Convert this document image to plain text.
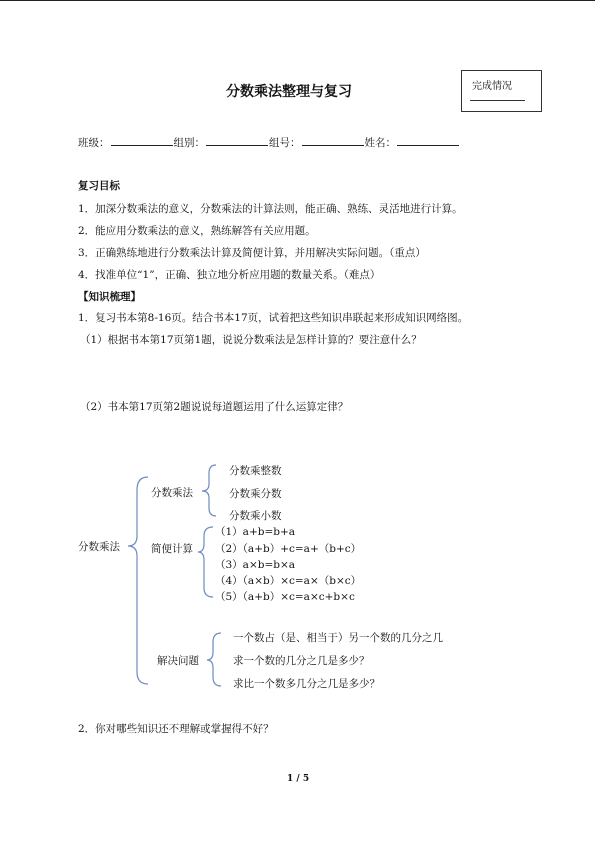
分数乘法整理与复习	完成情况
班级：	组别：	组号：	姓名：
复习目标
1．加深分数乘法的意义，分数乘法的计算法则，能正确、熟练、灵活地进行计算。
2．能应用分数乘法的意义，熟练解答有关应用题。
3．正确熟练地进行分数乘法计算及简便计算，并用解决实际问题。（重点）
4．找准单位“1”，正确、独立地分析应用题的数量关系。（难点）
【知识梳理】
1．复习书本第8-16页。结合书本17页，试着把这些知识串联起来形成知识网络图。
（1）根据书本第17页第1题，说说分数乘法是怎样计算的？要注意什么？
（2）书本第17页第2题说说每道题运用了什么运算定律？
分数乘法
分数乘法
分数乘整数
分数乘分数
分数乘小数
简便计算
（1）a+b=b+a
（2）（a+b）+c=a+（b+c）
（3）a×b=b×a
（4）（a×b）×c=a×（b×c）
（5）（a+b）×c=a×c+b×c
解决问题
一个数占（是、相当于）另一个数的几分之几
求一个数的几分之几是多少？
求比一个数多几分之几是多少？
2．你对哪些知识还不理解或掌握得不好？
1 / 5
